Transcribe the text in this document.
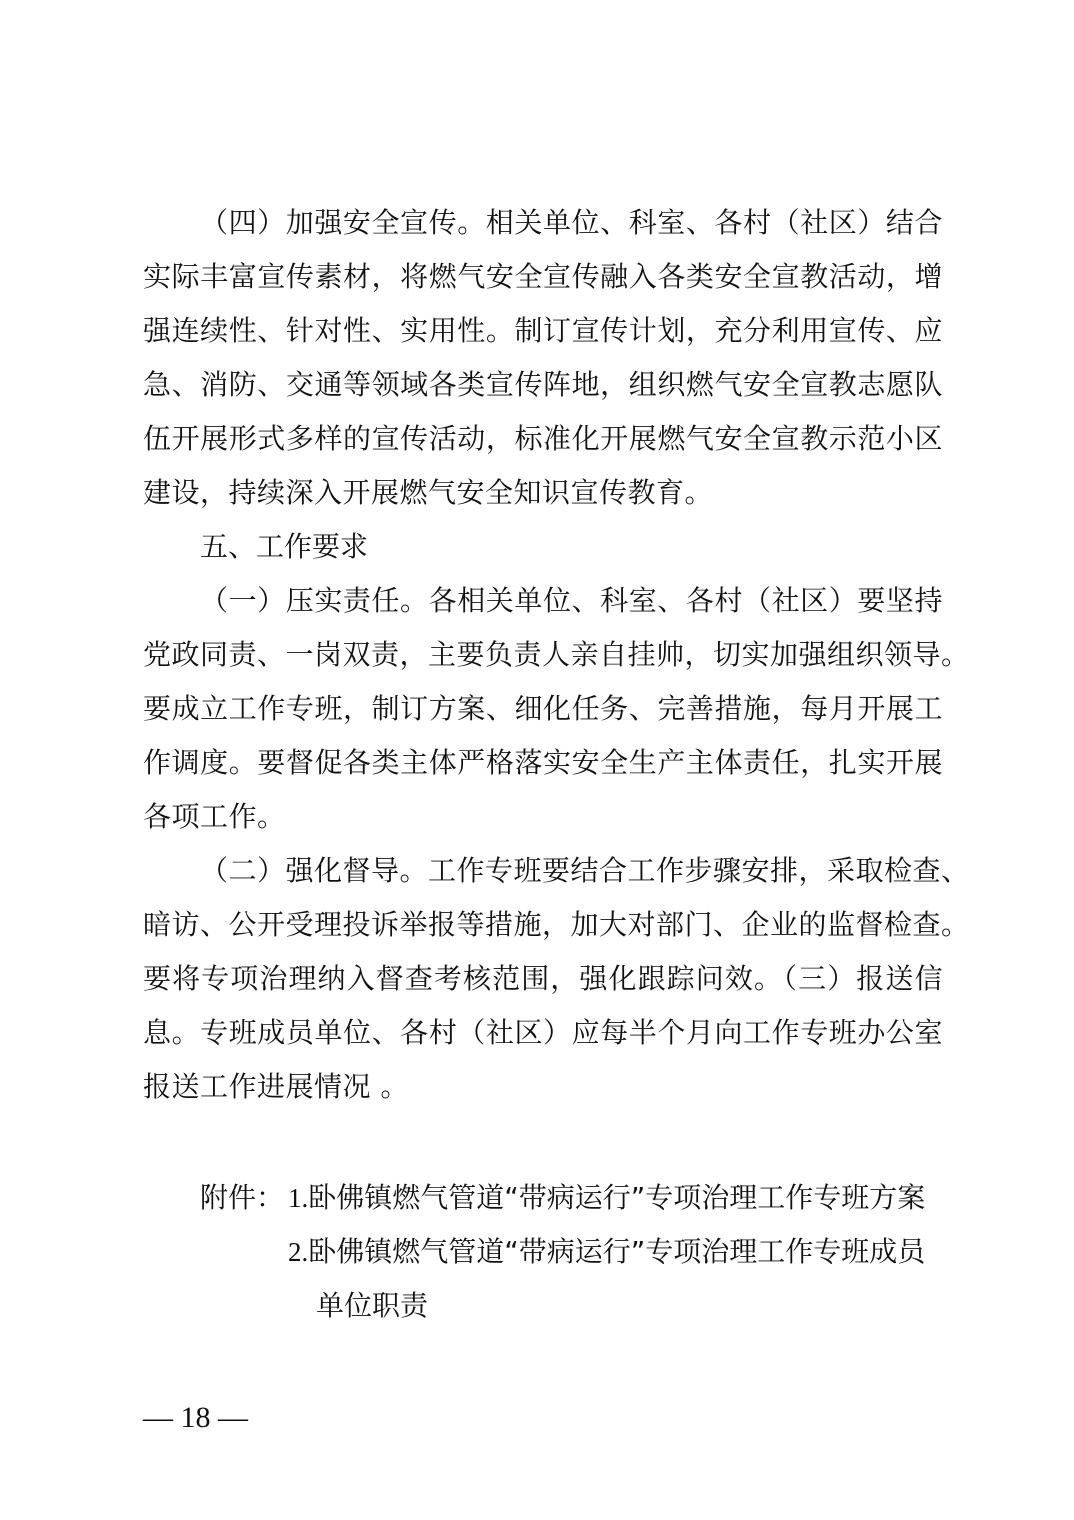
（四）加强安全宣传。相关单位、科室、各村（社区）结合
实际丰富宣传素材，将燃气安全宣传融入各类安全宣教活动，增
强连续性、针对性、实用性。制订宣传计划，充分利用宣传、应
急、消防、交通等领域各类宣传阵地，组织燃气安全宣教志愿队
伍开展形式多样的宣传活动，标准化开展燃气安全宣教示范小区
建设，持续深入开展燃气安全知识宣传教育。
五、工作要求
（一）压实责任。各相关单位、科室、各村（社区）要坚持
党政同责、一岗双责，主要负责人亲自挂帅，切实加强组织领导。
要成立工作专班，制订方案、细化任务、完善措施，每月开展工
作调度。要督促各类主体严格落实安全生产主体责任，扎实开展
各项工作。
（二）强化督导。工作专班要结合工作步骤安排，采取检查、
暗访、公开受理投诉举报等措施，加大对部门、企业的监督检查。
要将专项治理纳入督查考核范围，强化跟踪问效。（三）报送信
息。专班成员单位、各村（社区）应每半个月向工作专班办公室
报送工作进展情况 。
附件： 1.卧佛镇燃气管道“带病运行”专项治理工作专班方案
2.卧佛镇燃气管道“带病运行”专项治理工作专班成员
单位职责
— 18 —
